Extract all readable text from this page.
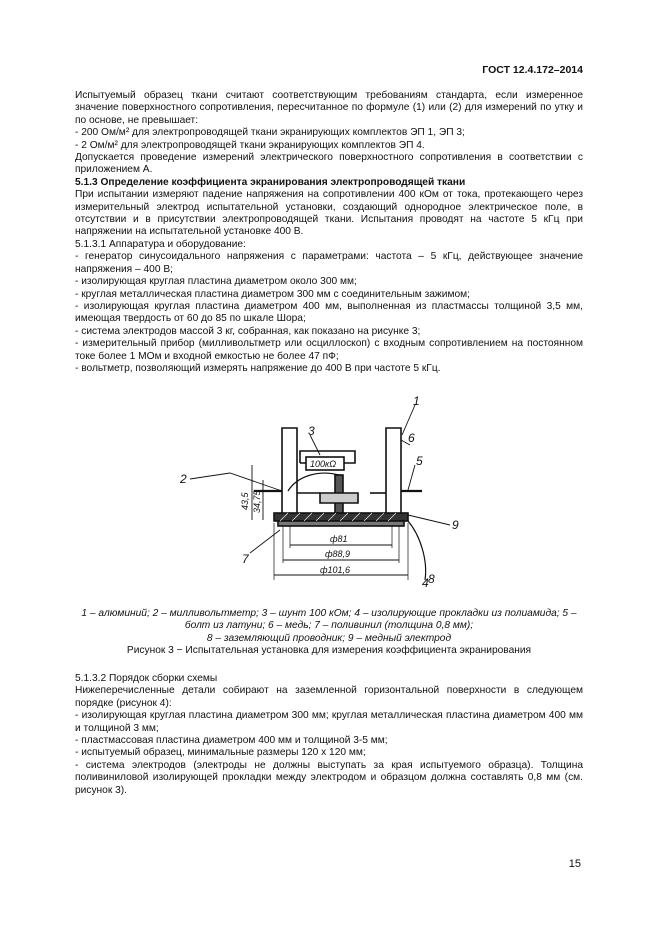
ГОСТ 12.4.172–2014

Испытуемый образец ткани считают соответствующим требованиям стандарта, если измеренное значение поверхностного сопротивления, пересчитанное по формуле (1) или (2) для измерений по утку и по основе, не превышает:

- 200 Ом/м² для электропроводящей ткани экранирующих комплектов ЭП 1, ЭП 3;

- 2 Ом/м² для электропроводящей ткани экранирующих комплектов ЭП 4.

Допускается проведение измерений электрического поверхностного сопротивления в соответствии с приложением А.

5.1.3 Определение коэффициента экранирования электропроводящей ткани

При испытании измеряют падение напряжения на сопротивлении 400 кОм от тока, протекающего через измерительный электрод испытательной установки, создающий однородное электрическое поле, в отсутствии и в присутствии электропроводящей ткани. Испытания проводят на частоте 5 кГц при напряжении на испытательной установке 400 В.

5.1.3.1 Аппаратура и оборудование:

- генератор синусоидального напряжения с параметрами: частота – 5 кГц, действующее значение напряжения – 400 В;

- изолирующая круглая пластина диаметром около 300 мм;

- круглая металлическая пластина диаметром 300 мм с соединительным зажимом;

- изолирующая круглая пластина диаметром 400 мм, выполненная из пластмассы толщиной 3,5 мм, имеющая твердость от 60 до 85 по шкале Шора;

- система электродов массой 3 кг, собранная, как показано на рисунке 3;

- измерительный прибор (милливольтметр или осциллоскоп) с входным сопротивлением на постоянном токе более 1 МОм и входной емкостью не более 47 пФ;

- вольтметр, позволяющий измерять напряжение до 400 В при частоте 5 кГц.

1
2
3
4
5
6
7
9
100кΩ
ф81
ф88,9
ф101,6
43,5 34,75
8
1 – алюминий; 2 – милливольтметр; 3 – шунт 100 кОм; 4 – изолирующие прокладки из полиамида; 5 – болт из латуни; 6 – медь; 7 – поливинил (толщина 0,8 мм);
8 – заземляющий проводник; 9 – медный электрод
Рисунок 3 − Испытательная установка для измерения коэффициента экранирования

5.1.3.2 Порядок сборки схемы

Нижеперечисленные детали собирают на заземленной горизонтальной поверхности в следующем порядке (рисунок 4):

- изолирующая круглая пластина диаметром 300 мм; круглая металлическая пластина диаметром 400 мм и толщиной 3 мм;

- пластмассовая пластина диаметром 400 мм и толщиной 3-5 мм;

- испытуемый образец, минимальные размеры 120 х 120 мм;

- система электродов (электроды не должны выступать за края испытуемого образца). Толщина поливиниловой изолирующей прокладки между электродом и образцом должна составлять 0,8 мм (см. рисунок 3).

15
